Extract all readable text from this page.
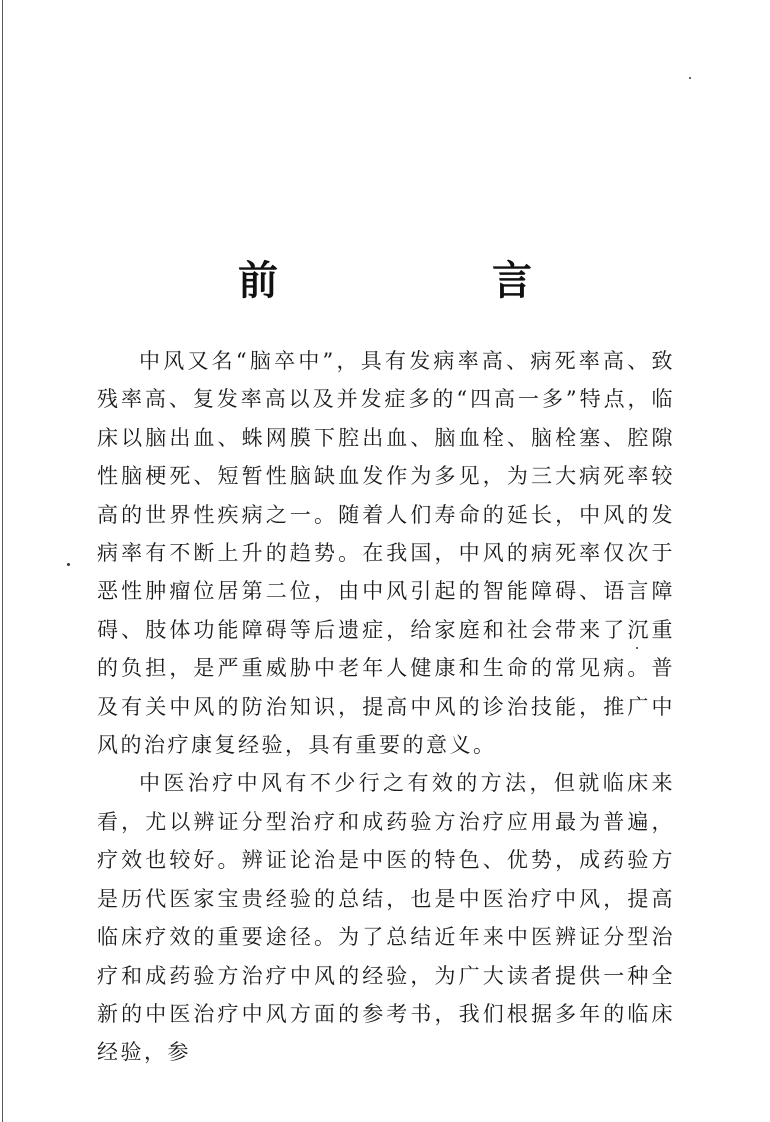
前 言

中风又名“脑卒中”，具有发病率高、病死率高、致残率高、复发率高以及并发症多的“四高一多”特点，临床以脑出血、蛛网膜下腔出血、脑血栓、脑栓塞、腔隙性脑梗死、短暂性脑缺血发作为多见，为三大病死率较高的世界性疾病之一。随着人们寿命的延长，中风的发病率有不断上升的趋势。在我国，中风的病死率仅次于恶性肿瘤位居第二位，由中风引起的智能障碍、语言障碍、肢体功能障碍等后遗症，给家庭和社会带来了沉重的负担，是严重威胁中老年人健康和生命的常见病。普及有关中风的防治知识，提高中风的诊治技能，推广中风的治疗康复经验，具有重要的意义。

中医治疗中风有不少行之有效的方法，但就临床来看，尤以辨证分型治疗和成药验方治疗应用最为普遍，疗效也较好。辨证论治是中医的特色、优势，成药验方是历代医家宝贵经验的总结，也是中医治疗中风，提高临床疗效的重要途径。为了总结近年来中医辨证分型治疗和成药验方治疗中风的经验，为广大读者提供一种全新的中医治疗中风方面的参考书，我们根据多年的临床经验，参
